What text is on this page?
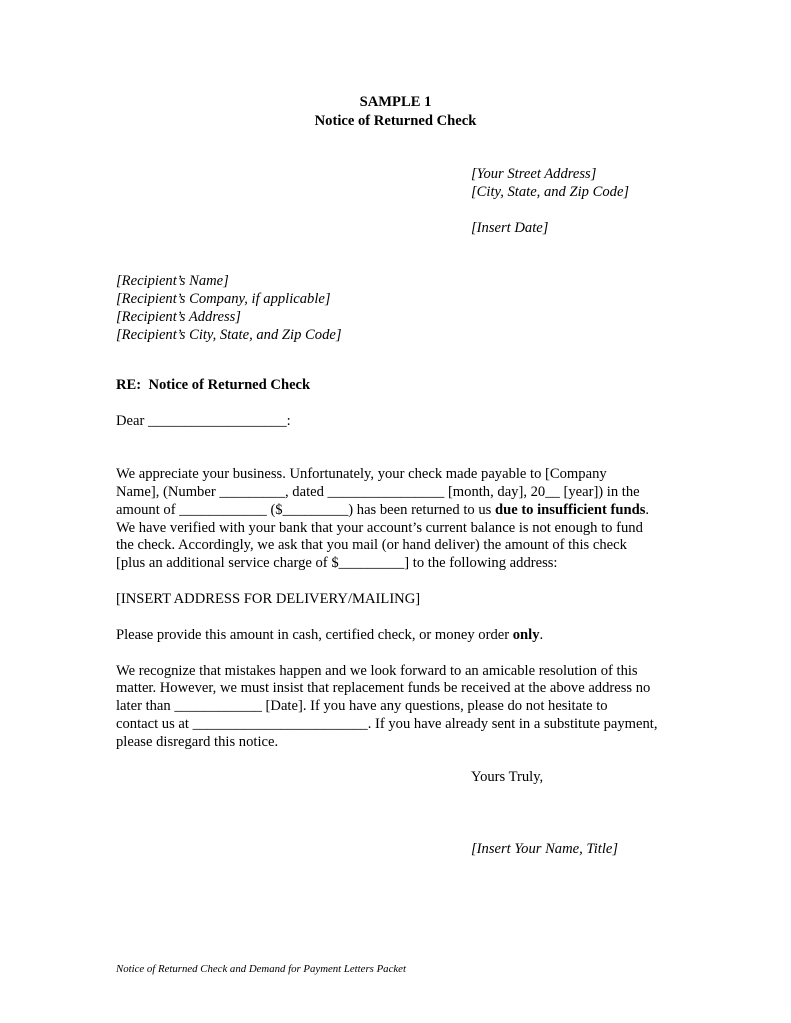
SAMPLE 1
Notice of Returned Check
[Your Street Address]
[City, State, and Zip Code]
[Insert Date]
[Recipient’s Name]
[Recipient’s Company, if applicable]
[Recipient’s Address]
[Recipient’s City, State, and Zip Code]
RE: Notice of Returned Check
Dear ___________________:
We appreciate your business. Unfortunately, your check made payable to [Company
Name], (Number _________, dated ________________ [month, day], 20__ [year]) in the
amount of ____________ ($_________) has been returned to us due to insufficient funds.
We have verified with your bank that your account’s current balance is not enough to fund
the check. Accordingly, we ask that you mail (or hand deliver) the amount of this check
[plus an additional service charge of $_________] to the following address:
[INSERT ADDRESS FOR DELIVERY/MAILING]
Please provide this amount in cash, certified check, or money order only.
We recognize that mistakes happen and we look forward to an amicable resolution of this
matter. However, we must insist that replacement funds be received at the above address no
later than ____________ [Date]. If you have any questions, please do not hesitate to
contact us at ________________________. If you have already sent in a substitute payment,
please disregard this notice.
Yours Truly,
[Insert Your Name, Title]
Notice of Returned Check and Demand for Payment Letters Packet
